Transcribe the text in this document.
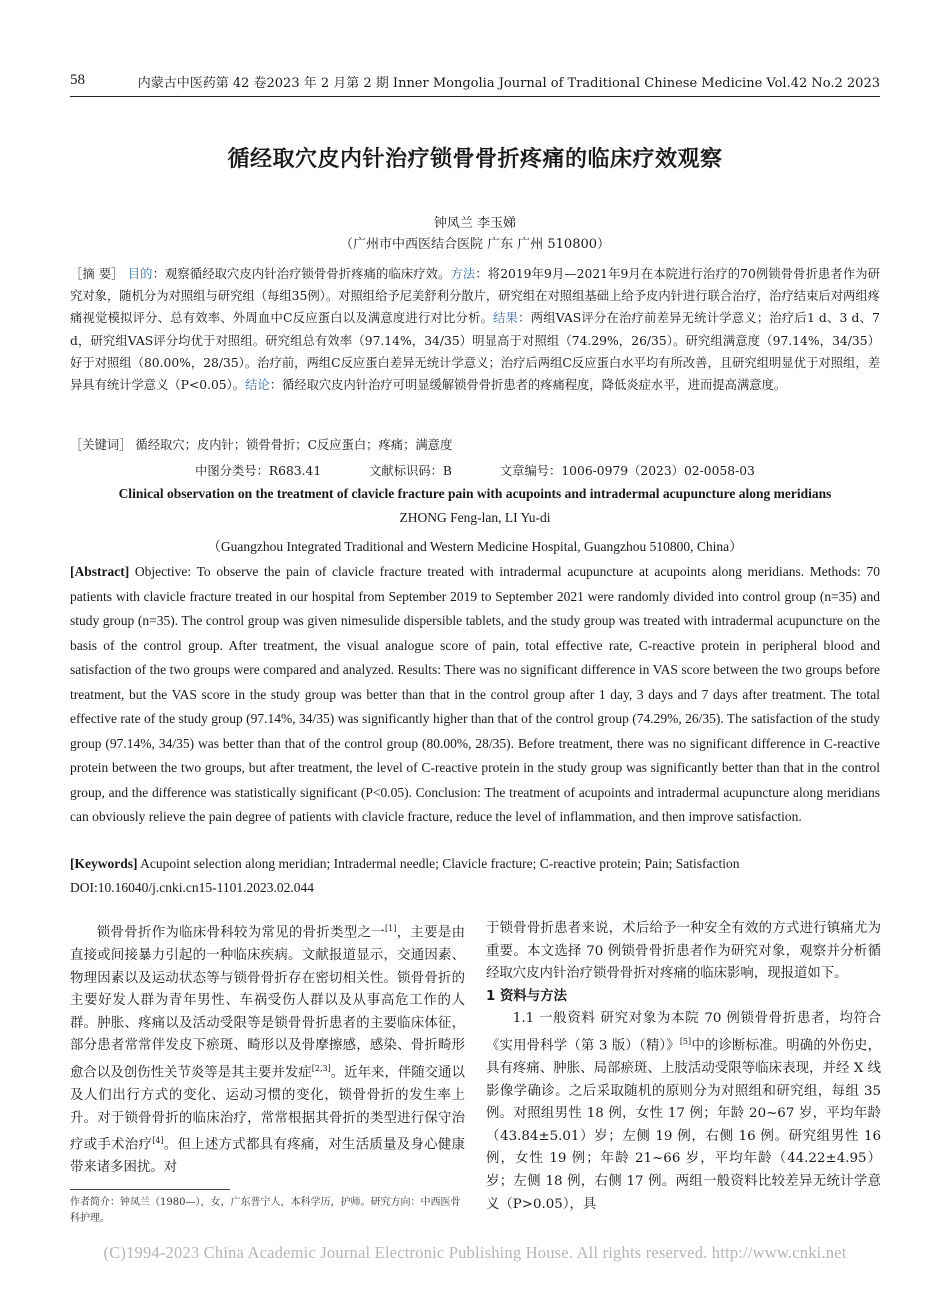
58	内蒙古中医药第 42 卷2023 年 2 月第 2 期 Inner Mongolia Journal of Traditional Chinese Medicine Vol.42 No.2 2023
循经取穴皮内针治疗锁骨骨折疼痛的临床疗效观察
钟凤兰 李玉娣
（广州市中西医结合医院 广东 广州 510800）
［摘 要］ 目的：观察循经取穴皮内针治疗锁骨骨折疼痛的临床疗效。方法：将2019年9月—2021年9月在本院进行治疗的70例锁骨骨折患者作为研究对象，随机分为对照组与研究组（每组35例）。对照组给予尼美舒利分散片，研究组在对照组基础上给予皮内针进行联合治疗，治疗结束后对两组疼痛视觉模拟评分、总有效率、外周血中C反应蛋白以及满意度进行对比分析。结果：两组VAS评分在治疗前差异无统计学意义；治疗后1 d、3 d、7 d，研究组VAS评分均优于对照组。研究组总有效率（97.14%，34/35）明显高于对照组（74.29%，26/35）。研究组满意度（97.14%，34/35）好于对照组（80.00%，28/35）。治疗前，两组C反应蛋白差异无统计学意义；治疗后两组C反应蛋白水平均有所改善，且研究组明显优于对照组，差异具有统计学意义（P<0.05）。结论：循经取穴皮内针治疗可明显缓解锁骨骨折患者的疼痛程度，降低炎症水平，进而提高满意度。
［关键词］ 循经取穴；皮内针；锁骨骨折；C反应蛋白；疼痛；满意度
中图分类号：R683.41	文献标识码：B	文章编号：1006-0979（2023）02-0058-03
Clinical observation on the treatment of clavicle fracture pain with acupoints and intradermal acupuncture along meridians
ZHONG Feng-lan, LI Yu-di
（Guangzhou Integrated Traditional and Western Medicine Hospital, Guangzhou 510800, China）
[Abstract] Objective: To observe the pain of clavicle fracture treated with intradermal acupuncture at acupoints along meridians. Methods: 70 patients with clavicle fracture treated in our hospital from September 2019 to September 2021 were randomly divided into control group (n=35) and study group (n=35). The control group was given nimesulide dispersible tablets, and the study group was treated with intradermal acupuncture on the basis of the control group. After treatment, the visual analogue score of pain, total effective rate, C-reactive protein in peripheral blood and satisfaction of the two groups were compared and analyzed. Results: There was no significant difference in VAS score between the two groups before treatment, but the VAS score in the study group was better than that in the control group after 1 day, 3 days and 7 days after treatment. The total effective rate of the study group (97.14%, 34/35) was significantly higher than that of the control group (74.29%, 26/35). The satisfaction of the study group (97.14%, 34/35) was better than that of the control group (80.00%, 28/35). Before treatment, there was no significant difference in C-reactive protein between the two groups, but after treatment, the level of C-reactive protein in the study group was significantly better than that in the control group, and the difference was statistically significant (P<0.05). Conclusion: The treatment of acupoints and intradermal acupuncture along meridians can obviously relieve the pain degree of patients with clavicle fracture, reduce the level of inflammation, and then improve satisfaction.
[Keywords] Acupoint selection along meridian; Intradermal needle; Clavicle fracture; C-reactive protein; Pain; Satisfaction
DOI:10.16040/j.cnki.cn15-1101.2023.02.044

锁骨骨折作为临床骨科较为常见的骨折类型之一[1]，主要是由直接或间接暴力引起的一种临床疾病。文献报道显示，交通因素、物理因素以及运动状态等与锁骨骨折存在密切相关性。锁骨骨折的主要好发人群为青年男性、车祸受伤人群以及从事高危工作的人群。肿胀、疼痛以及活动受限等是锁骨骨折患者的主要临床体征，部分患者常常伴发皮下瘀斑、畸形以及骨摩擦感，感染、骨折畸形愈合以及创伤性关节炎等是其主要并发症[2,3]。近年来，伴随交通以及人们出行方式的变化、运动习惯的变化，锁骨骨折的发生率上升。对于锁骨骨折的临床治疗，常常根据其骨折的类型进行保守治疗或手术治疗[4]。但上述方式都具有疼痛，对生活质量及身心健康带来诸多困扰。对

于锁骨骨折患者来说，术后给予一种安全有效的方式进行镇痛尤为重要。本文选择 70 例锁骨骨折患者作为研究对象，观察并分析循经取穴皮内针治疗锁骨骨折对疼痛的临床影响，现报道如下。

1 资料与方法

1.1 一般资料 研究对象为本院 70 例锁骨骨折患者，均符合《实用骨科学（第 3 版）（精）》[5]中的诊断标准。明确的外伤史，具有疼痛、肿胀、局部瘀斑、上肢活动受限等临床表现，并经 X 线影像学确诊。之后采取随机的原则分为对照组和研究组，每组 35 例。对照组男性 18 例，女性 17 例；年龄 20~67 岁，平均年龄（43.84±5.01）岁；左侧 19 例，右侧 16 例。研究组男性 16 例，女性 19 例；年龄 21~66 岁，平均年龄（44.22±4.95）岁；左侧 18 例，右侧 17 例。两组一般资料比较差异无统计学意义（P>0.05），具

作者简介：钟凤兰（1980—），女，广东普宁人，本科学历，护师。研究方向：中西医骨科护理。
(C)1994-2023 China Academic Journal Electronic Publishing House. All rights reserved. http://www.cnki.net
